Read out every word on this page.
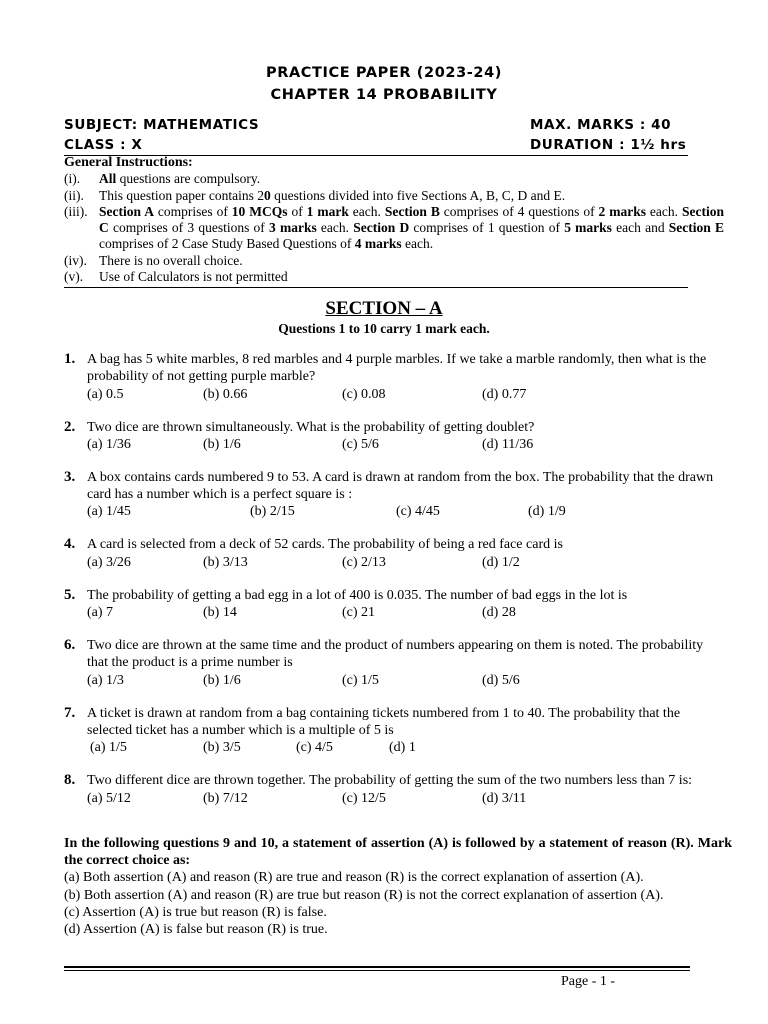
PRACTICE PAPER (2023-24)
CHAPTER 14 PROBABILITY
SUBJECT: MATHEMATICS
CLASS : X
MAX. MARKS : 40
DURATION : 1½ hrs
General Instructions:
(i).	All questions are compulsory.
(ii).	This question paper contains 20 questions divided into five Sections A, B, C, D and E.
(iii). Section A comprises of 10 MCQs of 1 mark each. Section B comprises of 4 questions of 2 marks each. Section C comprises of 3 questions of 3 marks each. Section D comprises of 1 question of 5 marks each and Section E comprises of 2 Case Study Based Questions of 4 marks each.
(iv). There is no overall choice.
(v).	Use of Calculators is not permitted
SECTION – A
Questions 1 to 10 carry 1 mark each.
1. A bag has 5 white marbles, 8 red marbles and 4 purple marbles. If we take a marble randomly, then what is the probability of not getting purple marble?
(a) 0.5	(b) 0.66	(c) 0.08	(d) 0.77
2. Two dice are thrown simultaneously. What is the probability of getting doublet?
(a) 1/36	(b) 1/6	(c) 5/6	(d) 11/36
3. A box contains cards numbered 9 to 53. A card is drawn at random from the box. The probability that the drawn card has a number which is a perfect square is :
(a) 1/45	(b) 2/15	(c) 4/45	(d) 1/9
4. A card is selected from a deck of 52 cards. The probability of being a red face card is
(a) 3/26	(b) 3/13	(c) 2/13	(d) 1/2
5. The probability of getting a bad egg in a lot of 400 is 0.035. The number of bad eggs in the lot is
(a) 7	(b) 14	(c) 21	(d) 28
6. Two dice are thrown at the same time and the product of numbers appearing on them is noted. The probability that the product is a prime number is
(a) 1/3	(b) 1/6	(c) 1/5	(d) 5/6
7. A ticket is drawn at random from a bag containing tickets numbered from 1 to 40. The probability that the selected ticket has a number which is a multiple of 5 is
(a) 1/5	(b) 3/5	(c) 4/5	(d) 1
8. Two different dice are thrown together. The probability of getting the sum of the two numbers less than 7 is:
(a) 5/12	(b) 7/12	(c) 12/5	(d) 3/11
In the following questions 9 and 10, a statement of assertion (A) is followed by a statement of reason (R). Mark the correct choice as:
(a) Both assertion (A) and reason (R) are true and reason (R) is the correct explanation of assertion (A).
(b) Both assertion (A) and reason (R) are true but reason (R) is not the correct explanation of assertion (A).
(c) Assertion (A) is true but reason (R) is false.
(d) Assertion (A) is false but reason (R) is true.
Page - 1 -
